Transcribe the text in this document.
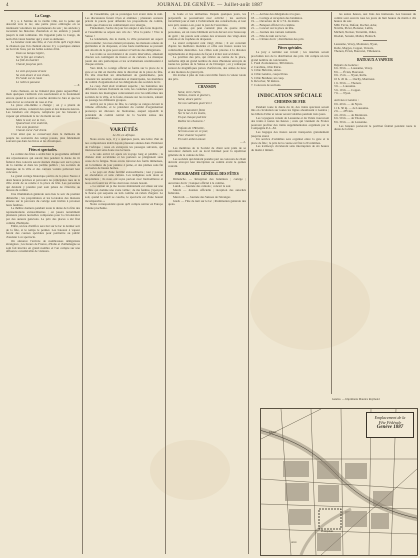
4	JOURNAL DE GENÈVE. — Juillet-août 1887
La Cange.

Il y a, à l'entrée de la vieille ville, sur la pente qui descend vers le lac, une petite place ombragée où se réunissent volontiers les promeneurs du soir ; les anciens y racontent les histoires d'autrefois et les enfants y jouent jusqu'à la nuit tombante. On l'appelait jadis la Cange, du nom d'un vieux batelier qui y avait sa demeure.

Le batelier avait une fille, et c'est d'elle qu'il s'agit dans la chanson que l'on chantait encore il y a quelques années au bord de l'eau, par les belles soirées d'été.

Dans sa barque légère,
Sur le flot qui s'endort,
La fille du batelier
Chante jusqu'au port.

Le vent qui passe écoute
Sa voix douce et son chant,
Et l'onde sur la route
Le redit en passant.
— X.

Cette chanson, on ne l'entend plus guère aujourd'hui ; mais quelques vieillards s'en souviennent et la fredonnent encore quand le soleil se couche derrière le Jura et que les eaux du lac se colorent de rose et d'or.

La place elle-même a changé ; on y a planté de nouveaux arbres, construit des quais et des maisons neuves. Les bateliers ont disparu, remplacés par les bateaux à vapeur qui sillonnent le lac du matin au soir.

Mais le soir, sur la rive,
Quand tout s'est endormi,
Une voix plaintive
Chante encor l'air d'ami.

C'est ainsi que se conservent dans la mémoire du peuple les souvenirs des temps passés, plus fidèlement souvent que dans les livres et les chroniques.

Fêtes et spectacles.

Le comité des fêtes a arrêté hier le programme définitif des réjouissances qui auront lieu pendant la durée du tir fédéral. Des concerts seront donnés chaque soir sur la place de la cantine et dans les jardins publics ; les sociétés de musique de la ville et des cantons voisins prêteront leur concours.

Le grand cortège historique partira de la place Neuve à deux heures précises et parcourra les principales rues de la ville avant de se rendre à la place de fête. Les personnes qui désirent y prendre part sont priées de s'inscrire au bureau du comité.

Une illumination générale aura lieu le soir du premier dimanche ; les propriétaires et les locataires des maisons situées sur le parcours du cortège sont invités à pavoiser leurs fenêtres.

Le théâtre donnera pendant toute la durée de la fête des représentations extraordinaires ; on jouera notamment plusieurs pièces nouvelles composées pour la circonstance par des auteurs genevois. Le prix des places a été fixé comme d'habitude.

Enfin, un feu d'artifice sera tiré sur le lac le dernier soir de la fête, si le temps le permet. Les bateaux à vapeur feront des courses spéciales pour permettre au public d'assister à ce spectacle.

On annonce l'arrivée de nombreuses délégations étrangères ; les tireurs de France, d'Italie et d'Allemagne se sont fait inscrire en grand nombre et l'on compte sur une affluence considérable de visiteurs.

de l'assemblée, qui se prolongea fort avant dans la nuit. Les discussions furent vives et animées ; plusieurs orateurs prirent la parole pour défendre les propositions du comité, tandis que d'autres les combattaient avec énergie.

Finalement, l'ordre du jour fut adopté à une forte majorité, et l'assemblée se sépara aux cris de : Vive la patrie ! Vive la Suisse !

Le lendemain, dès le matin, la ville présentait un aspect inaccoutumé ; les rues étaient pavoisées, les maisons ornées de guirlandes et de drapeaux, et une foule nombreuse se pressait aux abords de la gare pour assister à l'arrivée des délégations.

Les trains se succédaient à de courts intervalles, amenant chacun son contingent de tireurs et de curieux. La musique jouait des airs patriotiques et les acclamations retentissaient à chaque arrivée.

Vers midi, le cortège officiel se forma sur la place de la gare et se mit en marche dans la direction de la place de fête. En tête marchait un détachement de gendarmerie, puis venaient les autorités cantonales et municipales, les membres du comité d'organisation et les délégations des sociétés de tir.

Le coup d'œil était vraiment superbe ; les bannières des différents cantons flottaient au vent, les costumes pittoresques des tireurs des montagnes contrastaient avec les uniformes des sociétés de la ville, et la foule, massée sur les trottoirs, saluait au passage les différents groupes.

Arrivé sur la place de fête, le cortège se rangea devant la tribune officielle, et le président du comité d'organisation prononça un discours de bienvenue, auquel répondit le président du comité central de la Société suisse des carabiniers.

VARIÉTÉS
Le Dr. en Afrique.

Nous avons reçu, il y a quelques jours, une lettre d'un de nos compatriotes établi depuis plusieurs années dans l'intérieur de l'Afrique ; nous en extrayons les passages suivants, qui intéresseront sans doute nos lecteurs.

« Je suis arrivé ici après un voyage long et pénible ; la chaleur était accablante et les porteurs se plaignaient sans cesse de la fatigue. Nous avons traversé des forêts immenses, où la lumière du jour pénètre à peine, et des plaines sans fin couvertes de hautes herbes.

» Le pays est d'une fertilité extraordinaire ; tout y pousse en abondance et sans culture. Les indigènes sont doux et hospitaliers ; ils nous ont reçus partout avec bienveillance et nous ont fourni les vivres dont nous avions besoin.

» La station où je me trouve maintenant est située sur une colline qui domine une vaste vallée ; de ma fenêtre, j'aperçois le fleuve qui serpente au loin comme un ruban d'argent. Le soir, quand le soleil se couche, le spectacle est d'une beauté incomparable. »

Notre correspondant ajoute qu'il compte rentrer en Europe l'année prochaine.

la foule et les uniformes. Depuis quelques jours, les préparatifs se poursuivent avec activité ; les ouvriers travaillent jour et nuit à l'achèvement des constructions, et tout sera prêt, assure-t-on, pour le jour de l'ouverture.

La cantine, qui peut contenir plus de quatre mille personnes, est un vaste bâtiment en bois décoré avec beaucoup de goût ; les parois sont ornées des écussons des vingt-deux cantons et de trophées de drapeaux.

Le stand comprend cent vingt cibles ; il est construit d'après les meilleurs modèles et offre aux tireurs toutes les commodités désirables. Les cibles sont placées à la distance réglementaire et disposées de façon à éviter tout accident.

Le pavillon des prix, qui s'élève au centre de la place, renferme déjà un grand nombre de dons d'honneur envoyés de toutes les parties de la Suisse et de l'étranger ; on y remarque surtout de magnifiques pièces d'orfèvrerie, des armes de luxe et des montres de grand prix.

On évalue à plus de trois cent mille francs la valeur totale des prix.

CHANSON
Salut, terre chérie,
Vallons, monts et glaciers,
Salut, douce patrie
De nos vaillants guerriers !

Que ta bannière flotte
Sur le lac et les monts,
Et que chaque patriote
Redise tes chansons !

Enfants de l'Helvétie,
Serrons-nous en ce jour,
Pour chanter la patrie
Et notre ardent amour.
— L.

Les membres de la Société de chant sont priés de se rencontrer demain soir au local habituel pour la répétition générale de la cantate de fête.

Les sociétés qui désirent prendre part au concours de chant doivent envoyer leur inscription au comité avant le quinze courant.

PROGRAMME GÉNÉRAL DES FÊTES

Dimanche. — Réception des bannières ; cortège ; ouverture du tir ; banquet officiel à la cantine.

Lundi. — Journée des cantons ; concert le soir.

Mardi. — Journée officielle ; réception des autorités fédérales.

Mercredi. — Journée des Suisses de l'étranger.

Jeudi. — Fête de nuit sur le lac ; illumination générale des quais.

17. — Arrivée des délégations à la gare.
18. — Cortège et réception des bannières.
19. — Ouverture du tir à 7 h. du matin.
20. — Banquet officiel à la cantine.
21. — Concert sur la place de fête.
22. — Journée des cantons romands.
23. — Fête de nuit sur le lac.
24. — Clôture du tir ; distribution des prix.
Pièces spéciales.

Le jury a terminé son travail ; les résultats seront proclamés lors de la distribution des prix. On compte un très grand nombre de concurrents.

1. Fusil d'ordonnance, 300 mètres.
2. Carabine, cible Patrie.
3. Cible Helvétia, séries.
4. Cible Genève, coups libres.
5. Cible Bonheur, un coup.
6. Revolver, 50 mètres.
7. Concours de sections.
INDICATION SPÉCIALE
CHEMINS DE FER

Pendant toute la durée du tir, des trains spéciaux seront mis en circulation sur toutes les lignes aboutissant à Genève ; les billets d'aller et retour seront valables pendant trois jours.

Les voyageurs venant de Lausanne et du Valais trouveront des trains à toutes les heures ; ceux qui viennent de France pourront profiter des trains supplémentaires organisés par la Compagnie P.-L.-M.

Les bagages des tireurs seront transportés gratuitement jusqu'au stand.

Un service d'omnibus sera organisé entre la gare et la place de fête ; le prix de la course est fixé à 20 centimes.

Les tramways circuleront sans interruption de six heures du matin à minuit.

les autres heures, aux frais des intéressés. Les bureaux du comité sont ouverts tous les jours de huit heures du matin à dix heures du soir.

MM. Favre, Dufour, Rochat, Ador,
Naville, Pictet, Boissier, Lullin,
Micheli, Necker, Turrettini, Odier,
Diodati, Sarasin, Mallet, Hentsch.
Lausanne, Vevey, Montreux, Nyon,
Rolle, Morges, Coppet, Versoix,
Thonon, Évian, Bouveret, Villeneuve.
BATEAUX A VAPEUR
Départs de Genève :
6 h. 30 m. — Lausanne, Vevey.
8 h. — Évian, Bouveret.
9 h. 15 m. — Nyon, Rolle.
10 h. 45 m. — Ouchy, Montreux.
1 h. 30 m. — Thonon.
3 h. — Lausanne.
5 h. 10 m. — Coppet.
7 h. — Nyon.

Arrivées à Genève :
9 h. 40 m. — de Nyon.
11 h. 30 m. — de Lausanne.
2 h. — d'Évian.
4 h. 20 m. — de Montreux.
6 h. 50 m. — de Thonon.
8 h. 30 m. — de Lausanne.

Les bateaux porteront le pavillon fédéral pendant toute la durée de la fête.

Genève. — Imprimerie Maurice Reymond
Emplacement de la
Fête Fédérale
Genève 1887
Plainpalais
Rhône
Arve
